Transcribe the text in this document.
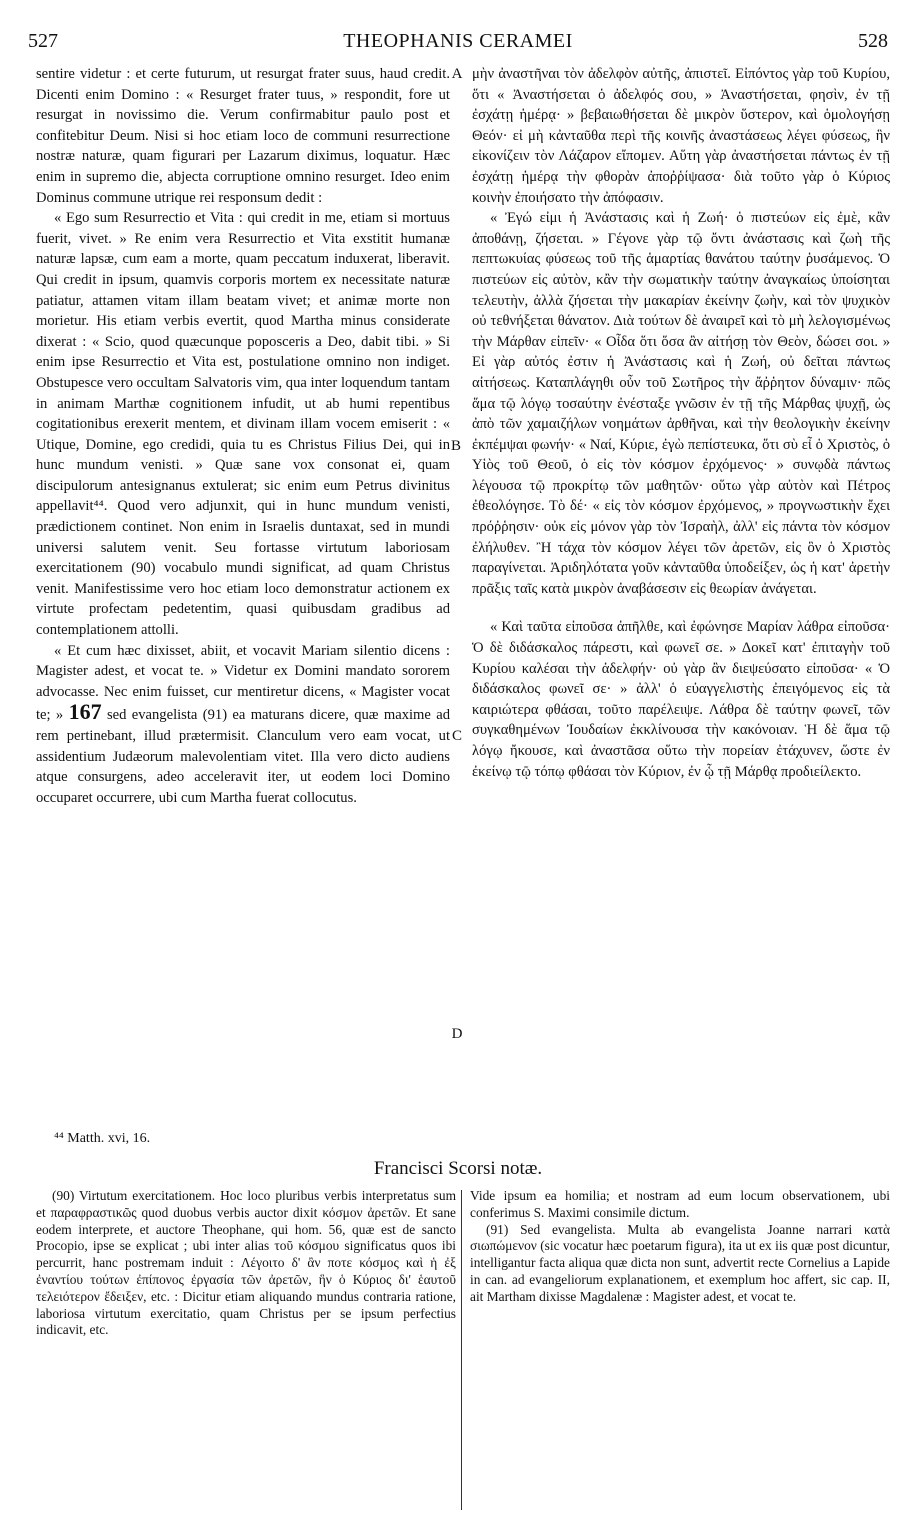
527	THEOPHANIS CERAMEI	528

sentire videtur : et certe futurum, ut resurgat frater suus, haud credit. Dicenti enim Domino : « Resurget frater tuus, » respondit, fore ut resurgat in novissimo die. Verum confirmabitur paulo post et confitebitur Deum. Nisi si hoc etiam loco de communi resurrectione nostræ naturæ, quam figurari per Lazarum diximus, loquatur. Hæc enim in supremo die, abjecta corruptione omnino resurget. Ideo enim Dominus commune utrique rei responsum dedit :

« Ego sum Resurrectio et Vita : qui credit in me, etiam si mortuus fuerit, vivet. » Re enim vera Resurrectio et Vita exstitit humanæ naturæ lapsæ, cum eam a morte, quam peccatum induxerat, liberavit. Qui credit in ipsum, quamvis corporis mortem ex necessitate naturæ patiatur, attamen vitam illam beatam vivet; et animæ morte non morietur. His etiam verbis evertit, quod Martha minus considerate dixerat : « Scio, quod quæcunque poposceris a Deo, dabit tibi. » Si enim ipse Resurrectio et Vita est, postulatione omnino non indiget. Obstupesce vero occultam Salvatoris vim, qua inter loquendum tantam in animam Marthæ cognitionem infudit, ut ab humi repentibus cogitationibus erexerit mentem, et divinam illam vocem emiserit : « Utique, Domine, ego credidi, quia tu es Christus Filius Dei, qui in hunc mundum venisti. » Quæ sane vox consonat ei, quam discipulorum antesignanus extulerat; sic enim eum Petrus divinitus appellavit⁴⁴. Quod vero adjunxit, qui in hunc mundum venisti, prædictionem continet. Non enim in Israelis duntaxat, sed in mundi universi salutem venit. Seu fortasse virtutum laboriosam exercitationem (90) vocabulo mundi significat, ad quam Christus venit. Manifestissime vero hoc etiam loco demonstratur actionem ex virtute profectam pedetentim, quasi quibusdam gradibus ad contemplationem attolli.

« Et cum hæc dixisset, abiit, et vocavit Mariam silentio dicens : Magister adest, et vocat te. » Videtur ex Domini mandato sororem advocasse. Nec enim fuisset, cur mentiretur dicens, « Magister vocat te; » 167 sed evangelista (91) ea maturans dicere, quæ maxime ad rem pertinebant, illud prætermisit. Clanculum vero eam vocat, ut assidentium Judæorum malevolentiam vitet. Illa vero dicto audiens atque consurgens, adeo acceleravit iter, ut eodem loci Domino occuparet occurrere, ubi cum Martha fuerat collocutus.

A
B
C
D

μὴν ἀναστῆναι τὸν ἀδελφὸν αὐτῆς, ἀπιστεῖ. Εἰπόντος γὰρ τοῦ Κυρίου, ὅτι « Ἀναστήσεται ὁ ἀδελφός σου, » Ἀναστήσεται, φησὶν, ἐν τῇ ἐσχάτῃ ἡμέρᾳ· » βεβαιωθήσεται δὲ μικρὸν ὕστερον, καὶ ὁμολογήσῃ Θεόν· εἰ μὴ κἀνταῦθα περὶ τῆς κοινῆς ἀναστάσεως λέγει φύσεως, ἣν εἰκονίζειν τὸν Λάζαρον εἴπομεν. Αὕτη γὰρ ἀναστήσεται πάντως ἐν τῇ ἐσχάτῃ ἡμέρᾳ τὴν φθορὰν ἀποῤῥίψασα· διὰ τοῦτο γὰρ ὁ Κύριος κοινὴν ἐποιήσατο τὴν ἀπόφασιν.

« Ἐγώ εἰμι ἡ Ἀνάστασις καὶ ἡ Ζωή· ὁ πιστεύων εἰς ἐμὲ, κἂν ἀποθάνῃ, ζήσεται. » Γέγονε γὰρ τῷ ὄντι ἀνάστασις καὶ ζωὴ τῆς πεπτωκυίας φύσεως τοῦ τῆς ἁμαρτίας θανάτου ταύτην ῥυσάμενος. Ὁ πιστεύων εἰς αὐτὸν, κἂν τὴν σωματικὴν ταύτην ἀναγκαίως ὑποίσηται τελευτὴν, ἀλλὰ ζήσεται τὴν μακαρίαν ἐκείνην ζωὴν, καὶ τὸν ψυχικὸν οὐ τεθνήξεται θάνατον. Διὰ τούτων δὲ ἀναιρεῖ καὶ τὸ μὴ λελογισμένως τὴν Μάρθαν εἰπεῖν· « Οἶδα ὅτι ὅσα ἂν αἰτήσῃ τὸν Θεὸν, δώσει σοι. » Εἰ γὰρ αὐτός ἐστιν ἡ Ἀνάστασις καὶ ἡ Ζωή, οὐ δεῖται πάντως αἰτήσεως. Καταπλάγηθι οὖν τοῦ Σωτῆρος τὴν ἄῤῥητον δύναμιν· πῶς ἅμα τῷ λόγῳ τοσαύτην ἐνέσταξε γνῶσιν ἐν τῇ τῆς Μάρθας ψυχῇ, ὡς ἀπὸ τῶν χαμαιζήλων νοημάτων ἀρθῆναι, καὶ τὴν θεολογικὴν ἐκείνην ἐκπέμψαι φωνήν· « Ναί, Κύριε, ἐγὼ πεπίστευκα, ὅτι σὺ εἶ ὁ Χριστὸς, ὁ Υἱὸς τοῦ Θεοῦ, ὁ εἰς τὸν κόσμον ἐρχόμενος· » συνῳδὰ πάντως λέγουσα τῷ προκρίτῳ τῶν μαθητῶν· οὕτω γὰρ αὐτὸν καὶ Πέτρος ἐθεολόγησε. Τὸ δέ· « εἰς τὸν κόσμον ἐρχόμενος, » προγνωστικὴν ἔχει πρόῤῥησιν· οὐκ εἰς μόνον γὰρ τὸν Ἰσραὴλ, ἀλλ' εἰς πάντα τὸν κόσμον ἐλήλυθεν. Ἢ τάχα τὸν κόσμον λέγει τῶν ἀρετῶν, εἰς ὃν ὁ Χριστὸς παραγίνεται. Ἀριδηλότατα γοῦν κἀνταῦθα ὑποδείξεν, ὡς ἡ κατ' ἀρετὴν πρᾶξις ταῖς κατὰ μικρὸν ἀναβάσεσιν εἰς θεωρίαν ἀνάγεται.

« Καὶ ταῦτα εἰποῦσα ἀπῆλθε, καὶ ἐφώνησε Μαρίαν λάθρα εἰποῦσα· Ὁ δὲ διδάσκαλος πάρεστι, καὶ φωνεῖ σε. » Δοκεῖ κατ' ἐπιταγὴν τοῦ Κυρίου καλέσαι τὴν ἀδελφήν· οὐ γὰρ ἂν διεψεύσατο εἰποῦσα· « Ὁ διδάσκαλος φωνεῖ σε· » ἀλλ' ὁ εὐαγγελιστὴς ἐπειγόμενος εἰς τὰ καιριώτερα φθάσαι, τοῦτο παρέλειψε. Λάθρα δὲ ταύτην φωνεῖ, τῶν συγκαθημένων Ἰουδαίων ἐκκλίνουσα τὴν κακόνοιαν. Ἡ δὲ ἅμα τῷ λόγῳ ἤκουσε, καὶ ἀναστᾶσα οὕτω τὴν πορείαν ἐτάχυνεν, ὥστε ἐν ἐκείνῳ τῷ τόπῳ φθάσαι τὸν Κύριον, ἐν ᾧ τῇ Μάρθᾳ προδιείλεκτο.

⁴⁴ Matth. xvi, 16.
Francisci Scorsi notæ.

(90) Virtutum exercitationem. Hoc loco pluribus verbis interpretatus sum et παραφραστικῶς quod duobus verbis auctor dixit κόσμον ἀρετῶν. Et sane eodem interprete, et auctore Theophane, qui hom. 56, quæ est de sancto Procopio, ipse se explicat ; ubi inter alias τοῦ κόσμου significatus quos ibi percurrit, hanc postremam induit : Λέγοιτο δ' ἂν ποτε κόσμος καὶ ἡ ἐξ ἐναντίου τούτων ἐπίπονος ἐργασία τῶν ἀρετῶν, ἣν ὁ Κύριος δι' ἑαυτοῦ τελειότερον ἔδειξεν, etc. : Dicitur etiam aliquando mundus contraria ratione, laboriosa virtutum exercitatio, quam Christus per se ipsum perfectius indicavit, etc.

Vide ipsum ea homilia; et nostram ad eum locum observationem, ubi conferimus S. Maximi consimile dictum.

(91) Sed evangelista. Multa ab evangelista Joanne narrari κατὰ σιωπώμενον (sic vocatur hæc poetarum figura), ita ut ex iis quæ post dicuntur, intelligantur facta aliqua quæ dicta non sunt, advertit recte Cornelius a Lapide in can. ad evangeliorum explanationem, et exemplum hoc affert, sic cap. II, ait Martham dixisse Magdalenæ : Magister adest, et vocat te.
